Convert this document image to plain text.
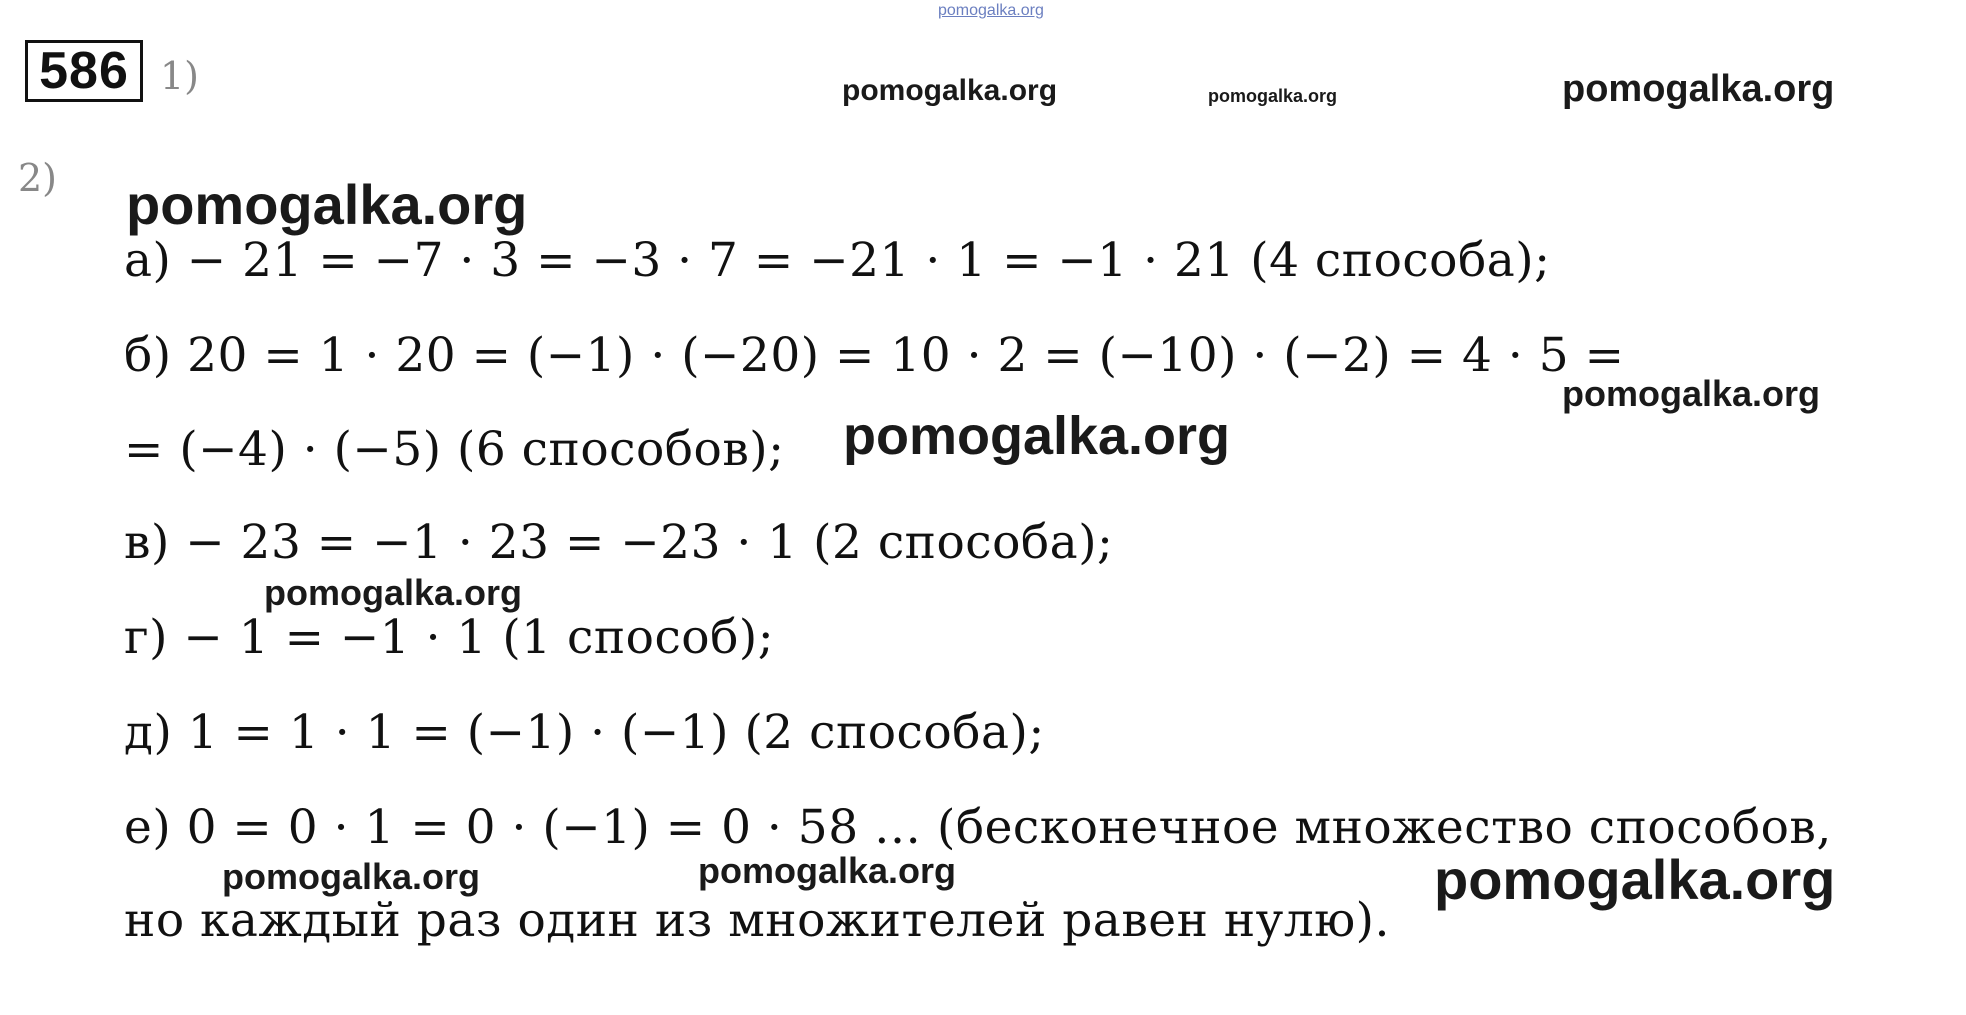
pomogalka.org
586 1)
2)
а) − 21 = −7 · 3 = −3 · 7 = −21 · 1 = −1 · 21 (4 способа);
б) 20 = 1 · 20 = (−1) · (−20) = 10 · 2 = (−10) · (−2) = 4 · 5 =
= (−4) · (−5) (6 способов);
в) − 23 = −1 · 23 = −23 · 1 (2 способа);
г) − 1 = −1 · 1 (1 способ);
д) 1 = 1 · 1 = (−1) · (−1) (2 способа);
е) 0 = 0 · 1 = 0 · (−1) = 0 · 58 … (бесконечное множество способов,
но каждый раз один из множителей равен нулю).
pomogalka.org	pomogalka.org	pomogalka.org
pomogalka.org
pomogalka.org
pomogalka.org
pomogalka.org
pomogalka.org	pomogalka.org	pomogalka.org
